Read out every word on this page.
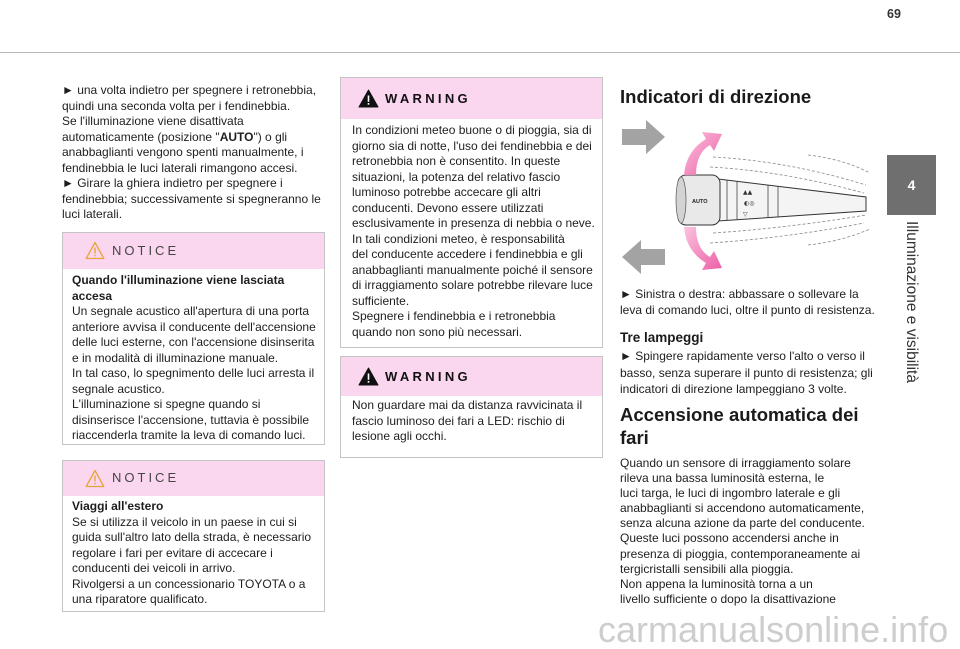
69
4
Illuminazione e visibilità
► una volta indietro per spegnere i retronebbia,
quindi una seconda volta per i fendinebbia.
Se l'illuminazione viene disattivata
automaticamente (posizione "AUTO") o gli
anabbaglianti vengono spenti manualmente, i
fendinebbia le luci laterali rimangono accesi.
► Girare la ghiera indietro per spegnere i
fendinebbia; successivamente si spegneranno le
luci laterali.
NOTICE
Quando l'illuminazione viene lasciata
accesa
Un segnale acustico all'apertura di una porta
anteriore avvisa il conducente dell'accensione
delle luci esterne, con l'accensione disinserita
e in modalità di illuminazione manuale.
In tal caso, lo spegnimento delle luci arresta il
segnale acustico.
L'illuminazione si spegne quando si
disinserisce l'accensione, tuttavia è possibile
riaccenderla tramite la leva di comando luci.
NOTICE
Viaggi all'estero
Se si utilizza il veicolo in un paese in cui si
guida sull'altro lato della strada, è necessario
regolare i fari per evitare di accecare i
conducenti dei veicoli in arrivo.
Rivolgersi a un concessionario TOYOTA o a
una riparatore qualificato.
WARNING
In condizioni meteo buone o di pioggia, sia di
giorno sia di notte, l'uso dei fendinebbia e dei
retronebbia non è consentito. In queste
situazioni, la potenza del relativo fascio
luminoso potrebbe accecare gli altri
conducenti. Devono essere utilizzati
esclusivamente in presenza di nebbia o neve.
In tali condizioni meteo, è responsabilità
del conducente accedere i fendinebbia e gli
anabbaglianti manualmente poiché il sensore
di irraggiamento solare potrebbe rilevare luce
sufficiente.
Spegnere i fendinebbia e i retronebbia
quando non sono più necessari.
WARNING
Non guardare mai da distanza ravvicinata il
fascio luminoso dei fari a LED: rischio di
lesione agli occhi.
Indicatori di direzione
▲▲
◐◎
▽
AUTO
► Sinistra o destra: abbassare o sollevare la
leva di comando luci, oltre il punto di resistenza.
Tre lampeggi
► Spingere rapidamente verso l'alto o verso il
basso, senza superare il punto di resistenza; gli
indicatori di direzione lampeggiano 3 volte.
Accensione automatica dei
fari
Quando un sensore di irraggiamento solare
rileva una bassa luminosità esterna, le
luci targa, le luci di ingombro laterale e gli
anabbaglianti si accendono automaticamente,
senza alcuna azione da parte del conducente.
Queste luci possono accendersi anche in
presenza di pioggia, contemporaneamente ai
tergicristalli sensibili alla pioggia.
Non appena la luminosità torna a un
livello sufficiente o dopo la disattivazione
carmanualsonline.info
